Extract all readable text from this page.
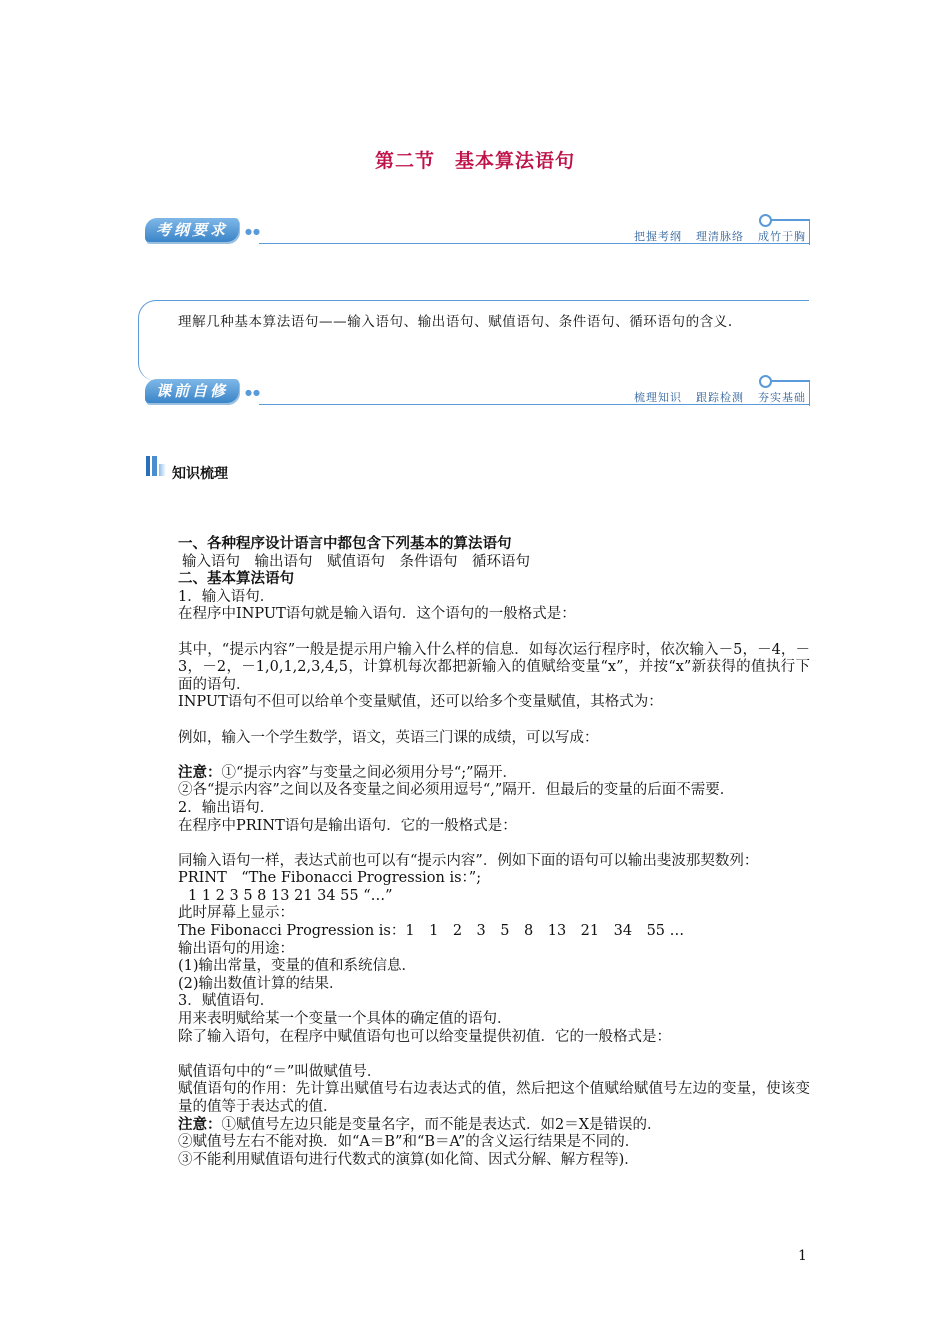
第二节　基本算法语句
考纲要求	●●	把握考纲 理清脉络 成竹于胸
理解几种基本算法语句——输入语句、输出语句、赋值语句、条件语句、循环语句的含义.
课前自修	●●	梳理知识 跟踪检测 夯实基础
知识梳理

一、各种程序设计语言中都包含下列基本的算法语句

输入语句　输出语句　赋值语句　条件语句　循环语句

二、基本算法语句

1．输入语句．

在程序中INPUT语句就是输入语句．这个语句的一般格式是：

其中，“提示内容”一般是提示用户输入什么样的信息．如每次运行程序时，依次输入－5，－4，－3，－2，－1,0,1,2,3,4,5，计算机每次都把新输入的值赋给变量“x”，并按“x”新获得的值执行下面的语句．

INPUT语句不但可以给单个变量赋值，还可以给多个变量赋值，其格式为：

例如，输入一个学生数学，语文，英语三门课的成绩，可以写成：

注意：①“提示内容”与变量之间必须用分号“;”隔开．

②各“提示内容”之间以及各变量之间必须用逗号“,”隔开．但最后的变量的后面不需要．

2．输出语句．

在程序中PRINT语句是输出语句．它的一般格式是：

同输入语句一样，表达式前也可以有“提示内容”．例如下面的语句可以输出斐波那契数列：

PRINT　“The Fibonacci Progression is：”;

1 1 2 3 5 8 13 21 34 55 “…”

此时屏幕上显示：

The Fibonacci Progression is：1　1　2　3　5　8　13　21　34　55 …

输出语句的用途：

(1)输出常量，变量的值和系统信息．

(2)输出数值计算的结果．

3．赋值语句．

用来表明赋给某一个变量一个具体的确定值的语句．

除了输入语句，在程序中赋值语句也可以给变量提供初值．它的一般格式是：

赋值语句中的“＝”叫做赋值号．

赋值语句的作用：先计算出赋值号右边表达式的值，然后把这个值赋给赋值号左边的变量，使该变量的值等于表达式的值．

注意：①赋值号左边只能是变量名字，而不能是表达式．如2＝X是错误的．

②赋值号左右不能对换．如“A＝B”和“B＝A”的含义运行结果是不同的．

③不能利用赋值语句进行代数式的演算(如化简、因式分解、解方程等)．

1
